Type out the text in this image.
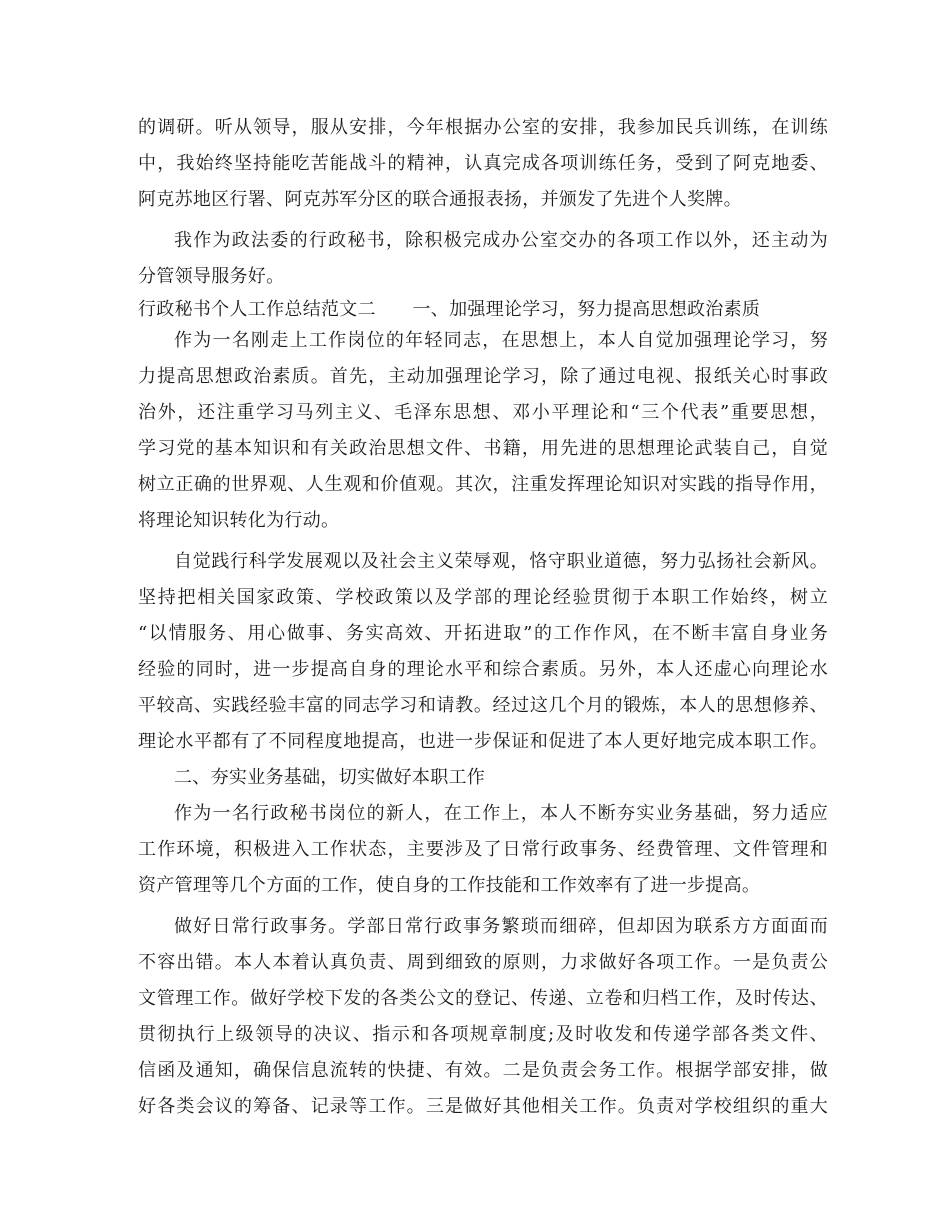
的调研。听从领导，服从安排，今年根据办公室的安排，我参加民兵训练，在训练
中，我始终坚持能吃苦能战斗的精神，认真完成各项训练任务，受到了阿克地委、
阿克苏地区行署、阿克苏军分区的联合通报表扬，并颁发了先进个人奖牌。
我作为政法委的行政秘书，除积极完成办公室交办的各项工作以外，还主动为
分管领导服务好。
行政秘书个人工作总结范文二　　一、加强理论学习，努力提高思想政治素质
作为一名刚走上工作岗位的年轻同志，在思想上，本人自觉加强理论学习，努
力提高思想政治素质。首先，主动加强理论学习，除了通过电视、报纸关心时事政
治外，还注重学习马列主义、毛泽东思想、邓小平理论和“三个代表”重要思想，
学习党的基本知识和有关政治思想文件、书籍，用先进的思想理论武装自己，自觉
树立正确的世界观、人生观和价值观。其次，注重发挥理论知识对实践的指导作用，
将理论知识转化为行动。
自觉践行科学发展观以及社会主义荣辱观，恪守职业道德，努力弘扬社会新风。
坚持把相关国家政策、学校政策以及学部的理论经验贯彻于本职工作始终，树立
“以情服务、用心做事、务实高效、开拓进取”的工作作风，在不断丰富自身业务
经验的同时，进一步提高自身的理论水平和综合素质。另外，本人还虚心向理论水
平较高、实践经验丰富的同志学习和请教。经过这几个月的锻炼，本人的思想修养、
理论水平都有了不同程度地提高，也进一步保证和促进了本人更好地完成本职工作。
二、夯实业务基础，切实做好本职工作
作为一名行政秘书岗位的新人，在工作上，本人不断夯实业务基础，努力适应
工作环境，积极进入工作状态，主要涉及了日常行政事务、经费管理、文件管理和
资产管理等几个方面的工作，使自身的工作技能和工作效率有了进一步提高。
做好日常行政事务。学部日常行政事务繁琐而细碎，但却因为联系方方面面而
不容出错。本人本着认真负责、周到细致的原则，力求做好各项工作。一是负责公
文管理工作。做好学校下发的各类公文的登记、传递、立卷和归档工作，及时传达、
贯彻执行上级领导的决议、指示和各项规章制度;及时收发和传递学部各类文件、
信函及通知，确保信息流转的快捷、有效。二是负责会务工作。根据学部安排，做
好各类会议的筹备、记录等工作。三是做好其他相关工作。负责对学校组织的重大
